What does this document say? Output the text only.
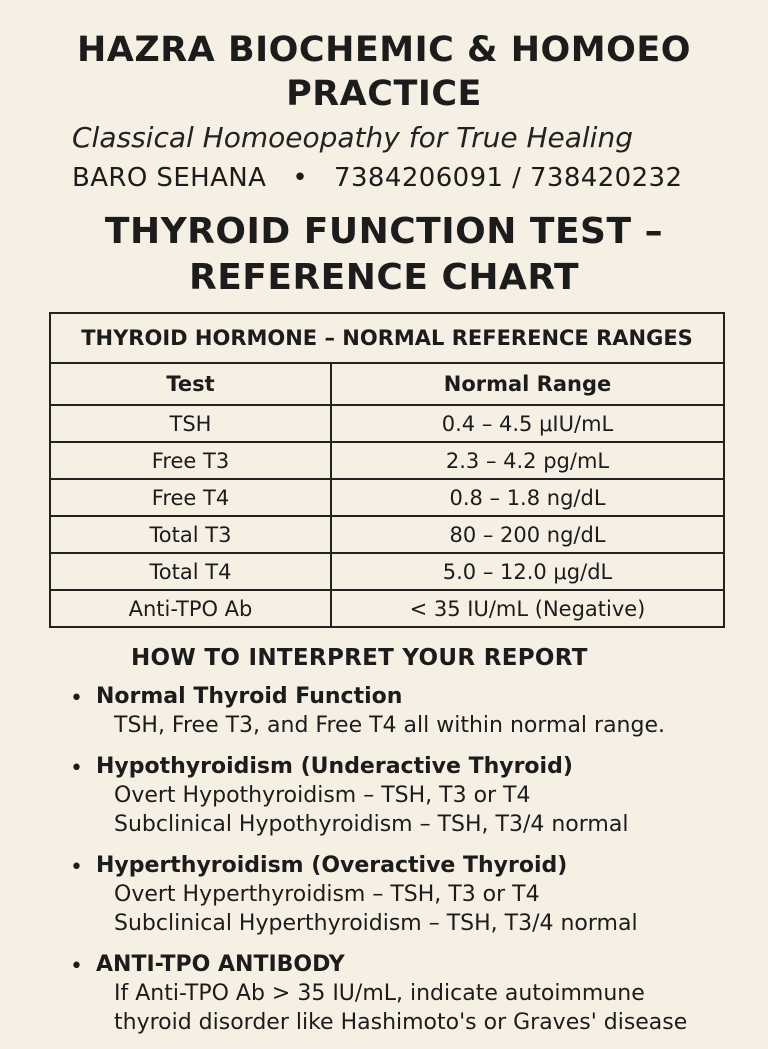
HAZRA BIOCHEMIC & HOMOEO
PRACTICE
Classical Homoeopathy for True Healing
BARO SEHANA   •   7384206091 / 738420232
THYROID FUNCTION TEST –
REFERENCE CHART
THYROID HORMONE – NORMAL REFERENCE RANGES	
Test	Normal Range
TSH	0.4 – 4.5 μIU/mL
Free T3	2.3 – 4.2 pg/mL
Free T4	0.8 – 1.8 ng/dL
Total T3	80 – 200 ng/dL
Total T4	5.0 – 12.0 μg/dL
Anti-TPO Ab	< 35 IU/mL (Negative)
HOW TO INTERPRET YOUR REPORT
• Normal Thyroid Function
TSH, Free T3, and Free T4 all within normal range.
• Hypothyroidism (Underactive Thyroid)
Overt Hypothyroidism – TSH, T3 or T4
Subclinical Hypothyroidism – TSH, T3/4 normal
• Hyperthyroidism (Overactive Thyroid)
Overt Hyperthyroidism – TSH, T3 or T4
Subclinical Hyperthyroidism – TSH, T3/4 normal
• ANTI-TPO ANTIBODY
If Anti-TPO Ab > 35 IU/mL, indicate autoimmune
thyroid disorder like Hashimoto's or Graves' disease
